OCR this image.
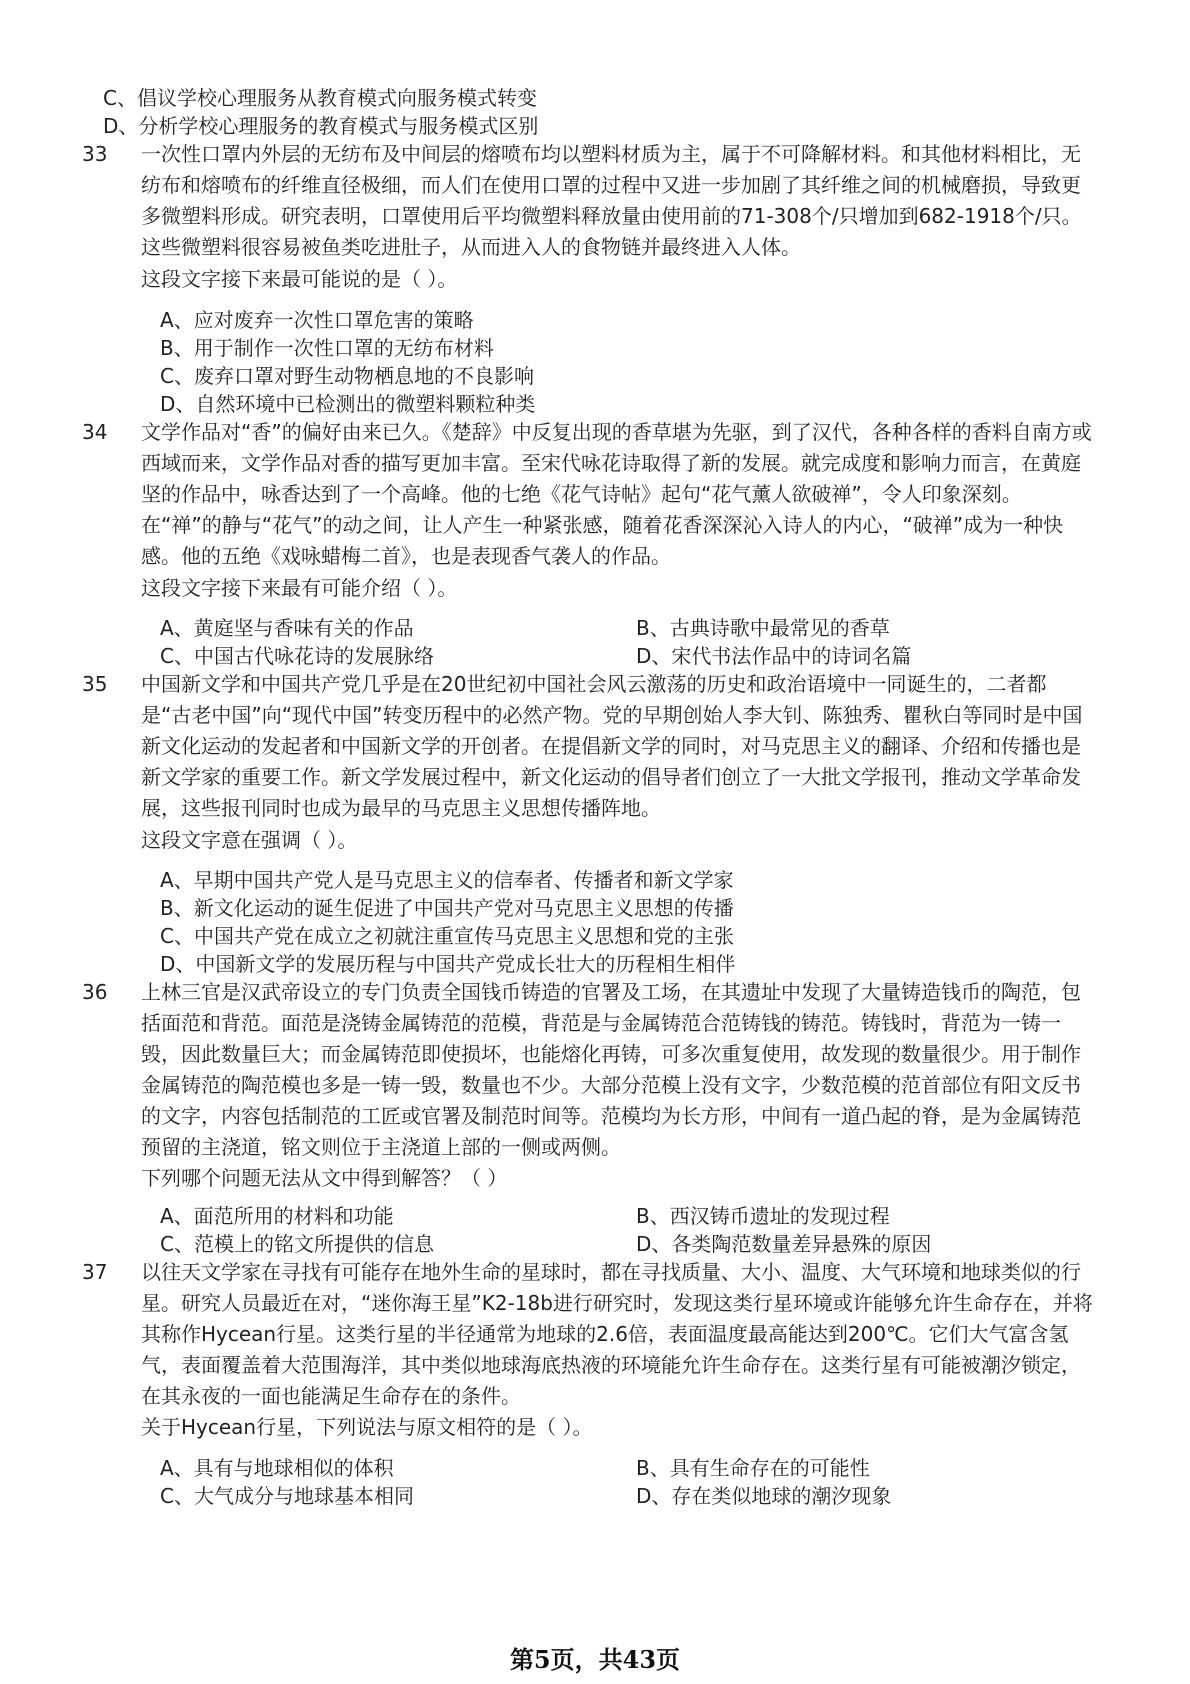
C、倡议学校心理服务从教育模式向服务模式转变
D、分析学校心理服务的教育模式与服务模式区别
33 一次性口罩内外层的无纺布及中间层的熔喷布均以塑料材质为主，属于不可降解材料。和其他材料相比，无纺布和熔喷布的纤维直径极细，而人们在使用口罩的过程中又进一步加剧了其纤维之间的机械磨损，导致更多微塑料形成。研究表明，口罩使用后平均微塑料释放量由使用前的71-308个/只增加到682-1918个/只。这些微塑料很容易被鱼类吃进肚子，从而进入人的食物链并最终进入人体。
这段文字接下来最可能说的是（ ）。
A、应对废弃一次性口罩危害的策略
B、用于制作一次性口罩的无纺布材料
C、废弃口罩对野生动物栖息地的不良影响
D、自然环境中已检测出的微塑料颗粒种类
34 文学作品对“香”的偏好由来已久。《楚辞》中反复出现的香草堪为先驱，到了汉代，各种各样的香料自南方或西域而来，文学作品对香的描写更加丰富。至宋代咏花诗取得了新的发展。就完成度和影响力而言，在黄庭坚的作品中，咏香达到了一个高峰。他的七绝《花气诗帖》起句“花气薰人欲破禅”，令人印象深刻。在“禅”的静与“花气”的动之间，让人产生一种紧张感，随着花香深深沁入诗人的内心，“破禅”成为一种快感。他的五绝《戏咏蜡梅二首》，也是表现香气袭人的作品。
这段文字接下来最有可能介绍（ ）。
A、黄庭坚与香味有关的作品	B、古典诗歌中最常见的香草
C、中国古代咏花诗的发展脉络	D、宋代书法作品中的诗词名篇
35 中国新文学和中国共产党几乎是在20世纪初中国社会风云激荡的历史和政治语境中一同诞生的，二者都是“古老中国”向“现代中国”转变历程中的必然产物。党的早期创始人李大钊、陈独秀、瞿秋白等同时是中国新文化运动的发起者和中国新文学的开创者。在提倡新文学的同时，对马克思主义的翻译、介绍和传播也是新文学家的重要工作。新文学发展过程中，新文化运动的倡导者们创立了一大批文学报刊，推动文学革命发展，这些报刊同时也成为最早的马克思主义思想传播阵地。
这段文字意在强调（ ）。
A、早期中国共产党人是马克思主义的信奉者、传播者和新文学家
B、新文化运动的诞生促进了中国共产党对马克思主义思想的传播
C、中国共产党在成立之初就注重宣传马克思主义思想和党的主张
D、中国新文学的发展历程与中国共产党成长壮大的历程相生相伴
36 上林三官是汉武帝设立的专门负责全国钱币铸造的官署及工场，在其遗址中发现了大量铸造钱币的陶范，包括面范和背范。面范是浇铸金属铸范的范模，背范是与金属铸范合范铸钱的铸范。铸钱时，背范为一铸一毁，因此数量巨大；而金属铸范即使损坏，也能熔化再铸，可多次重复使用，故发现的数量很少。用于制作金属铸范的陶范模也多是一铸一毁，数量也不少。大部分范模上没有文字，少数范模的范首部位有阳文反书的文字，内容包括制范的工匠或官署及制范时间等。范模均为长方形，中间有一道凸起的脊，是为金属铸范预留的主浇道，铭文则位于主浇道上部的一侧或两侧。
下列哪个问题无法从文中得到解答？（ ）
A、面范所用的材料和功能	B、西汉铸币遗址的发现过程
C、范模上的铭文所提供的信息	D、各类陶范数量差异悬殊的原因
37 以往天文学家在寻找有可能存在地外生命的星球时，都在寻找质量、大小、温度、大气环境和地球类似的行星。研究人员最近在对，“迷你海王星”K2-18b进行研究时，发现这类行星环境或许能够允许生命存在，并将其称作Hycean行星。这类行星的半径通常为地球的2.6倍，表面温度最高能达到200℃。它们大气富含氢气，表面覆盖着大范围海洋，其中类似地球海底热液的环境能允许生命存在。这类行星有可能被潮汐锁定，在其永夜的一面也能满足生命存在的条件。
关于Hycean行星，下列说法与原文相符的是（ ）。
A、具有与地球相似的体积	B、具有生命存在的可能性
C、大气成分与地球基本相同	D、存在类似地球的潮汐现象
第5页，共43页
